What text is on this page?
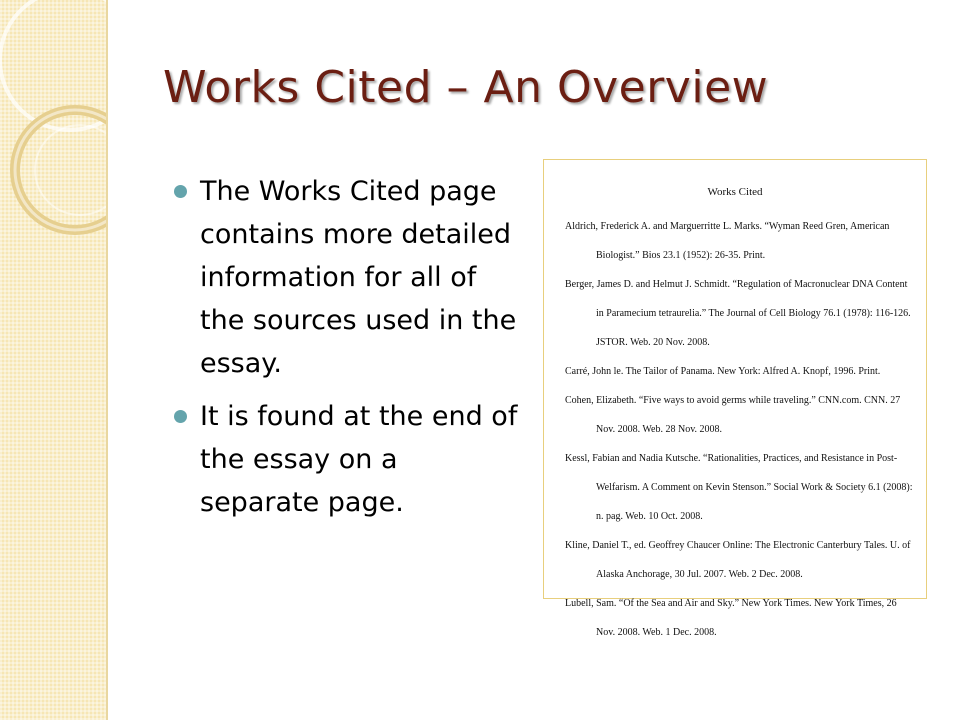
Works Cited – An Overview
The Works Cited page contains more detailed information for all of the sources used in the essay.
It is found at the end of the essay on a separate page.
Works Cited

Aldrich, Frederick A. and Marguerritte L. Marks. “Wyman Reed Gren, American Biologist.” Bios 23.1 (1952): 26-35. Print.

Berger, James D. and Helmut J. Schmidt. “Regulation of Macronuclear DNA Content in Paramecium tetraurelia.” The Journal of Cell Biology 76.1 (1978): 116-126. JSTOR. Web. 20 Nov. 2008.

Carré, John le. The Tailor of Panama. New York: Alfred A. Knopf, 1996. Print.

Cohen, Elizabeth. “Five ways to avoid germs while traveling.” CNN.com. CNN. 27 Nov. 2008. Web. 28 Nov. 2008.

Kessl, Fabian and Nadia Kutsche. “Rationalities, Practices, and Resistance in Post-Welfarism. A Comment on Kevin Stenson.” Social Work & Society 6.1 (2008): n. pag. Web. 10 Oct. 2008.

Kline, Daniel T., ed. Geoffrey Chaucer Online: The Electronic Canterbury Tales. U. of Alaska Anchorage, 30 Jul. 2007. Web. 2 Dec. 2008.

Lubell, Sam. “Of the Sea and Air and Sky.” New York Times. New York Times, 26 Nov. 2008. Web. 1 Dec. 2008.
